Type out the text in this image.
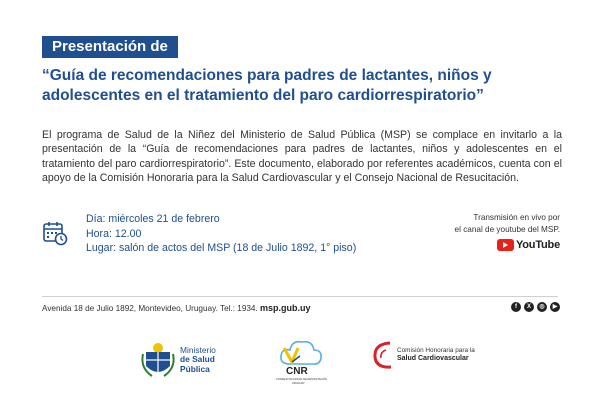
Presentación de
“Guía de recomendaciones para padres de lactantes, niños y
adolescentes en el tratamiento del paro cardiorrespiratorio”
El programa de Salud de la Niñez del Ministerio de Salud Pública (MSP) se complace en invitarlo a la presentación de la “Guía de recomendaciones para padres de lactantes, niños y adolescentes en el tratamiento del paro cardiorrespiratorio”. Este documento, elaborado por referentes académicos, cuenta con el apoyo de la Comisión Honoraria para la Salud Cardiovascular y el Consejo Nacional de Resucitación.
Día: miércoles 21 de febrero
Hora: 12.00
Lugar: salón de actos del MSP (18 de Julio 1892, 1° piso)
Transmisión en vivo por
el canal de youtube del MSP.
YouTube
Avenida 18 de Julio 1892, Montevideo, Uruguay. Tel.: 1934. msp.gub.uy	f	X	◎	▶
Ministerio
de Salud
Pública	CNR
CONSEJO NACIONAL DE RESUCITACIÓN
URUGUAY
Comisión Honoraria para la
Salud Cardiovascular
